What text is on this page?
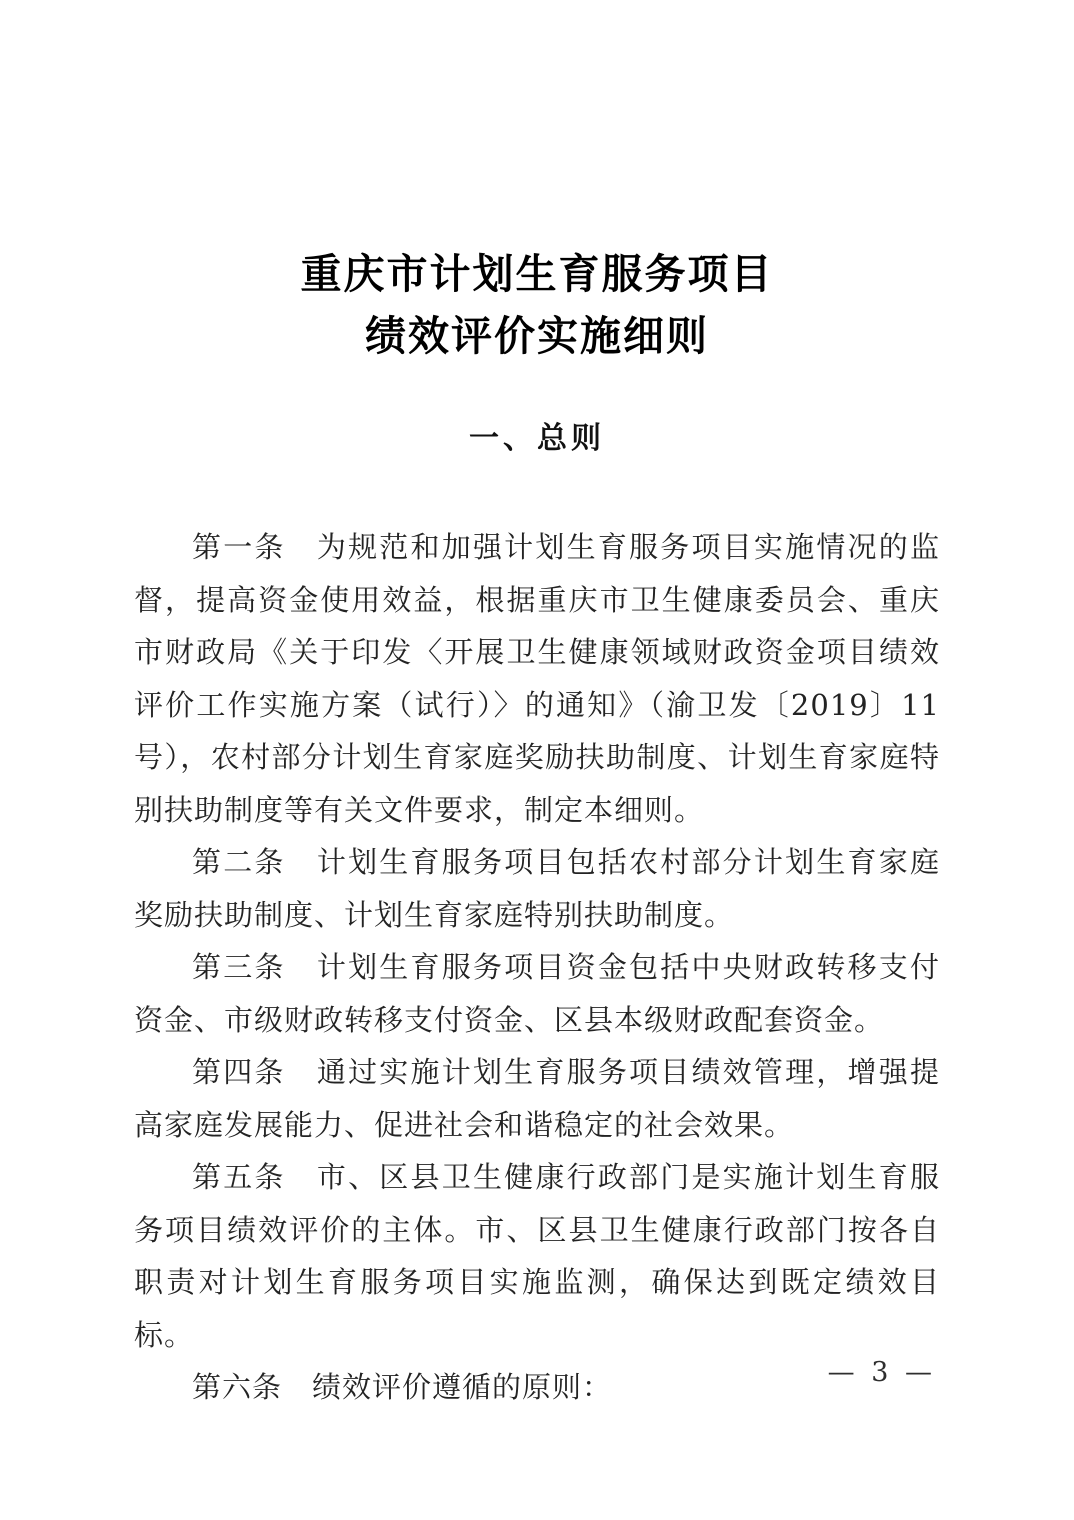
重庆市计划生育服务项目
绩效评价实施细则
一、总则

第一条　为规范和加强计划生育服务项目实施情况的监督，提高资金使用效益，根据重庆市卫生健康委员会、重庆市财政局《关于印发〈开展卫生健康领域财政资金项目绩效评价工作实施方案（试行）〉的通知》（渝卫发〔2019〕11 号），农村部分计划生育家庭奖励扶助制度、计划生育家庭特别扶助制度等有关文件要求，制定本细则。

第二条　计划生育服务项目包括农村部分计划生育家庭奖励扶助制度、计划生育家庭特别扶助制度。

第三条　计划生育服务项目资金包括中央财政转移支付资金、市级财政转移支付资金、区县本级财政配套资金。

第四条　通过实施计划生育服务项目绩效管理，增强提高家庭发展能力、促进社会和谐稳定的社会效果。

第五条　市、区县卫生健康行政部门是实施计划生育服务项目绩效评价的主体。市、区县卫生健康行政部门按各自职责对计划生育服务项目实施监测，确保达到既定绩效目标。

第六条　绩效评价遵循的原则：	— 3 —
